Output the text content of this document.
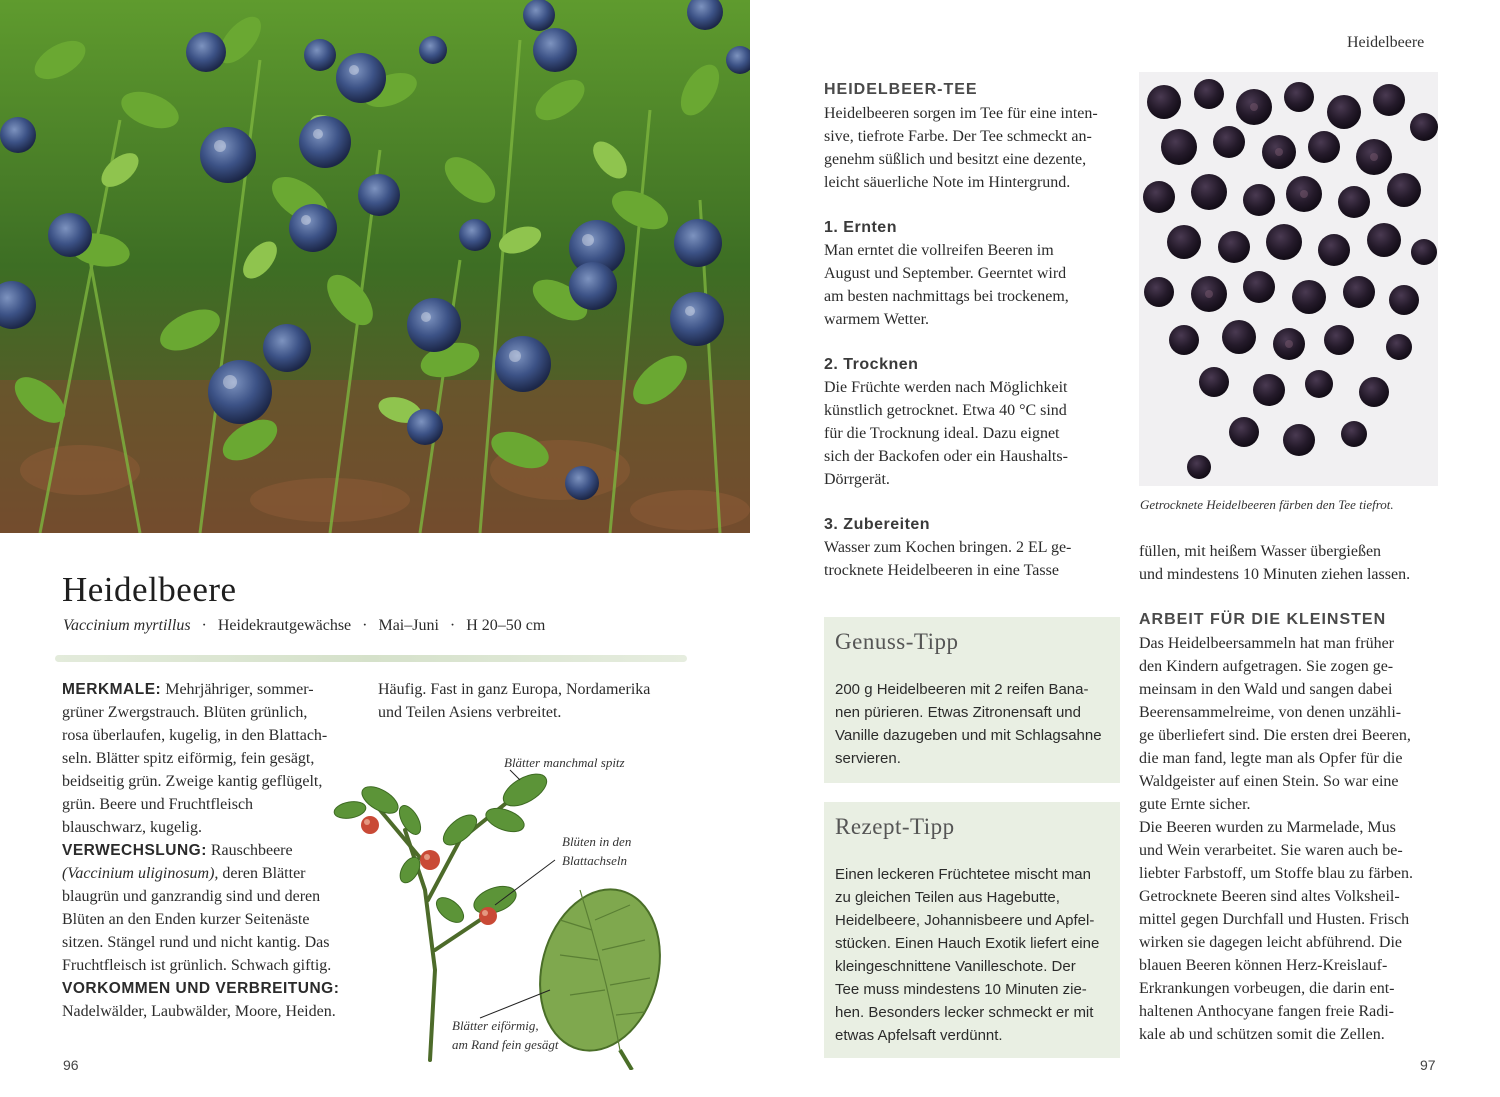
Heidelbeere
Vaccinium myrtillus · Heidekrautgewächse · Mai–Juni · H 20–50 cm
MERKMALE: Mehrjähriger, sommer-
grüner Zwergstrauch. Blüten grünlich,
rosa überlaufen, kugelig, in den Blattach-
seln. Blätter spitz eiförmig, fein gesägt,
beidseitig grün. Zweige kantig geflügelt,
grün. Beere und Fruchtfleisch
blauschwarz, kugelig.
VERWECHSLUNG: Rauschbeere
(Vaccinium uliginosum), deren Blätter
blaugrün und ganzrandig sind und deren
Blüten an den Enden kurzer Seitenäste
sitzen. Stängel rund und nicht kantig. Das
Fruchtfleisch ist grünlich. Schwach giftig.
VORKOMMEN UND VERBREITUNG:
Nadelwälder, Laubwälder, Moore, Heiden.
Häufig. Fast in ganz Europa, Nordamerika
und Teilen Asiens verbreitet.
Blätter manchmal spitz
Blüten in den
Blattachseln
Blätter eiförmig,
am Rand fein gesägt
96
Heidelbeere
HEIDELBEER-TEE
Heidelbeeren sorgen im Tee für eine inten-
sive, tiefrote Farbe. Der Tee schmeckt an-
genehm süßlich und besitzt eine dezente,
leicht säuerliche Note im Hintergrund.
1. Ernten
Man erntet die vollreifen Beeren im
August und September. Geerntet wird
am besten nachmittags bei trockenem,
warmem Wetter.
2. Trocknen
Die Früchte werden nach Möglichkeit
künstlich getrocknet. Etwa 40 °C sind
für die Trocknung ideal. Dazu eignet
sich der Backofen oder ein Haushalts-
Dörrgerät.
3. Zubereiten
Wasser zum Kochen bringen. 2 EL ge-
trocknete Heidelbeeren in eine Tasse
Getrocknete Heidelbeeren färben den Tee tiefrot.
füllen, mit heißem Wasser übergießen
und mindestens 10 Minuten ziehen lassen.
Genuss-Tipp
200 g Heidelbeeren mit 2 reifen Bana-
nen pürieren. Etwas Zitronensaft und
Vanille dazugeben und mit Schlagsahne
servieren.
Rezept-Tipp
Einen leckeren Früchtetee mischt man
zu gleichen Teilen aus Hagebutte,
Heidelbeere, Johannisbeere und Apfel-
stücken. Einen Hauch Exotik liefert eine
kleingeschnittene Vanilleschote. Der
Tee muss mindestens 10 Minuten zie-
hen. Besonders lecker schmeckt er mit
etwas Apfelsaft verdünnt.
ARBEIT FÜR DIE KLEINSTEN
Das Heidelbeersammeln hat man früher
den Kindern aufgetragen. Sie zogen ge-
meinsam in den Wald und sangen dabei
Beerensammelreime, von denen unzähli-
ge überliefert sind. Die ersten drei Beeren,
die man fand, legte man als Opfer für die
Waldgeister auf einen Stein. So war eine
gute Ernte sicher.
Die Beeren wurden zu Marmelade, Mus
und Wein verarbeitet. Sie waren auch be-
liebter Farbstoff, um Stoffe blau zu färben.
Getrocknete Beeren sind altes Volksheil-
mittel gegen Durchfall und Husten. Frisch
wirken sie dagegen leicht abführend. Die
blauen Beeren können Herz-Kreislauf-
Erkrankungen vorbeugen, die darin ent-
haltenen Anthocyane fangen freie Radi-
kale ab und schützen somit die Zellen.
97
